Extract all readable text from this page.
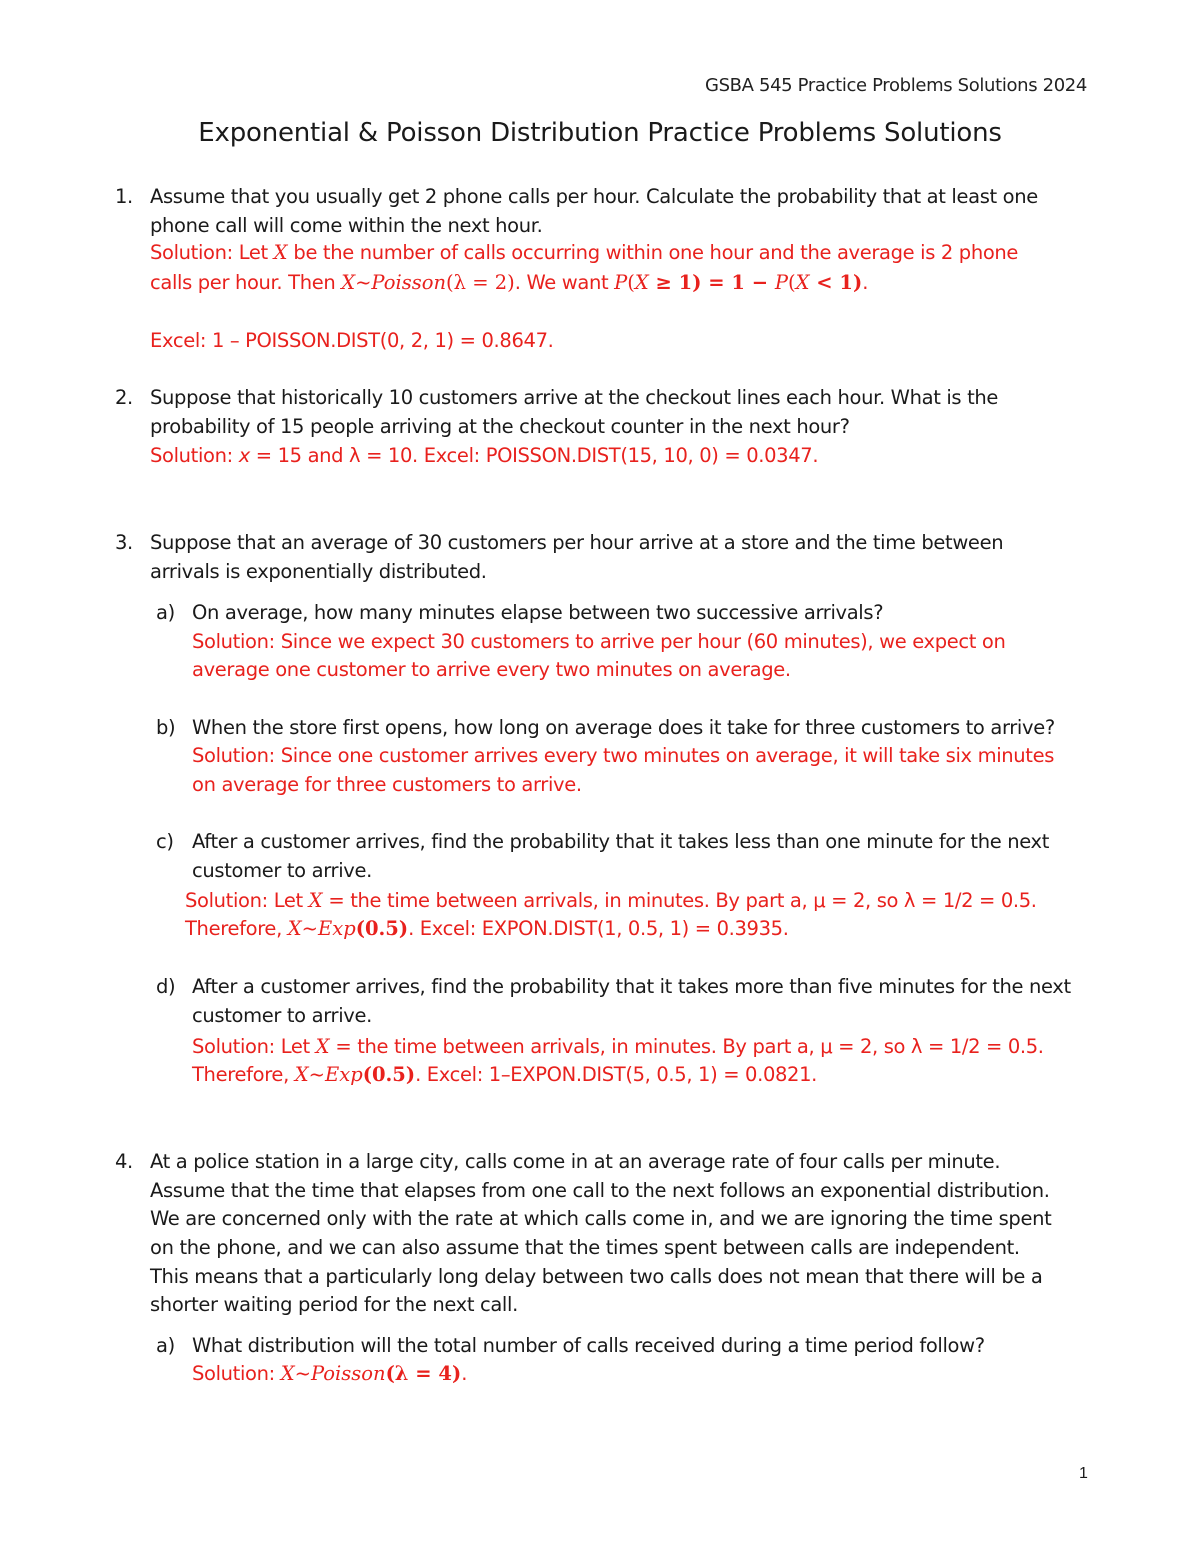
GSBA 545 Practice Problems Solutions 2024
Exponential & Poisson Distribution Practice Problems Solutions
1. Assume that you usually get 2 phone calls per hour. Calculate the probability that at least one
phone call will come within the next hour.
Solution: Let X be the number of calls occurring within one hour and the average is 2 phone
calls per hour. Then X~Poisson(λ = 2). We want P(X ≥ 1) = 1 − P(X < 1).
Excel: 1 – POISSON.DIST(0, 2, 1) = 0.8647.
2. Suppose that historically 10 customers arrive at the checkout lines each hour. What is the
probability of 15 people arriving at the checkout counter in the next hour?
Solution: x = 15 and λ = 10. Excel: POISSON.DIST(15, 10, 0) = 0.0347.
3. Suppose that an average of 30 customers per hour arrive at a store and the time between
arrivals is exponentially distributed.
a) On average, how many minutes elapse between two successive arrivals?
Solution: Since we expect 30 customers to arrive per hour (60 minutes), we expect on
average one customer to arrive every two minutes on average.
b) When the store first opens, how long on average does it take for three customers to arrive?
Solution: Since one customer arrives every two minutes on average, it will take six minutes
on average for three customers to arrive.
c) After a customer arrives, find the probability that it takes less than one minute for the next
customer to arrive.
Solution: Let X = the time between arrivals, in minutes. By part a, μ = 2, so λ = 1/2 = 0.5.
Therefore, X~Exp(0.5). Excel: EXPON.DIST(1, 0.5, 1) = 0.3935.
d) After a customer arrives, find the probability that it takes more than five minutes for the next
customer to arrive.
Solution: Let X = the time between arrivals, in minutes. By part a, μ = 2, so λ = 1/2 = 0.5.
Therefore, X~Exp(0.5). Excel: 1–EXPON.DIST(5, 0.5, 1) = 0.0821.
4. At a police station in a large city, calls come in at an average rate of four calls per minute.
Assume that the time that elapses from one call to the next follows an exponential distribution.
We are concerned only with the rate at which calls come in, and we are ignoring the time spent
on the phone, and we can also assume that the times spent between calls are independent.
This means that a particularly long delay between two calls does not mean that there will be a
shorter waiting period for the next call.
a) What distribution will the total number of calls received during a time period follow?
Solution: X~Poisson(λ = 4).
1
